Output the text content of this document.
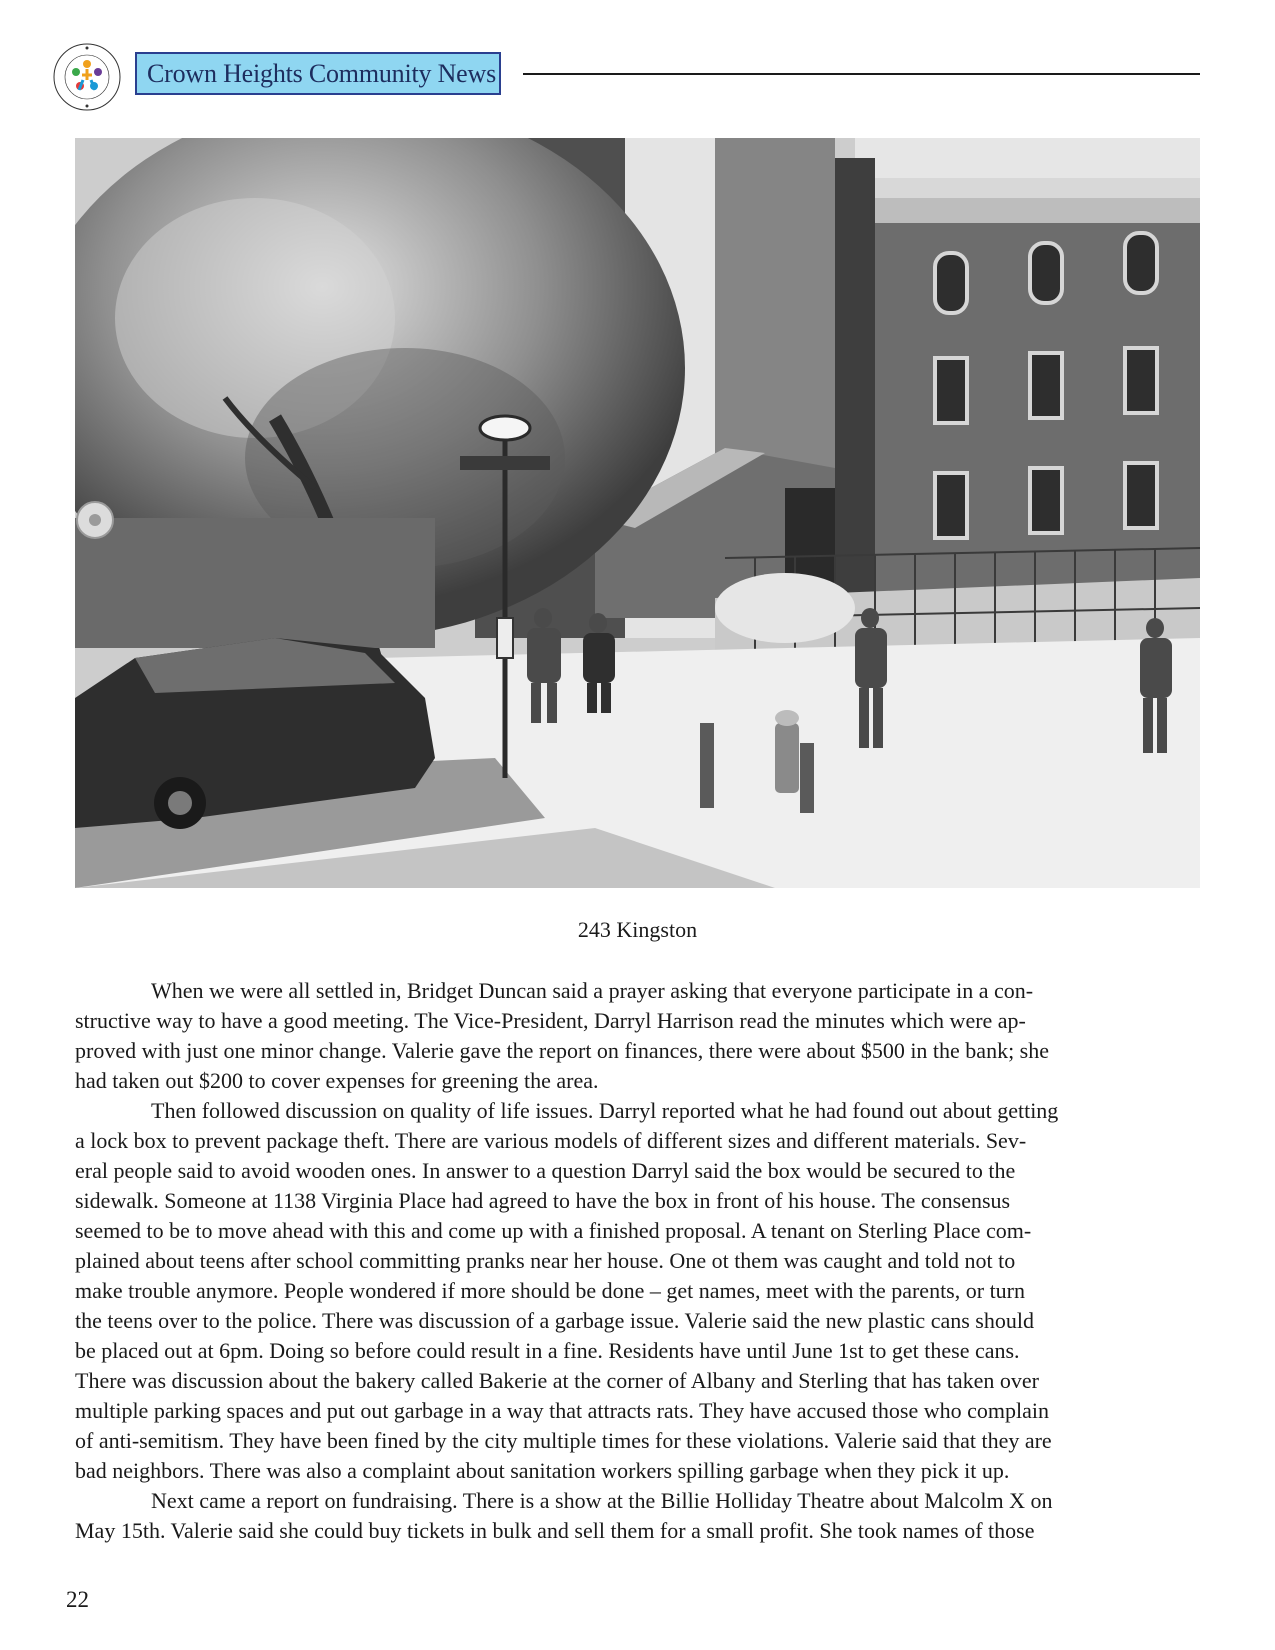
Crown Heights Community News
243 Kingston

When we were all settled in, Bridget Duncan said a prayer asking that everyone participate in a con-
structive way to have a good meeting. The Vice-President, Darryl Harrison read the minutes which were ap-
proved with just one minor change. Valerie gave the report on finances, there were about $500 in the bank; she
had taken out $200 to cover expenses for greening the area.

Then followed discussion on quality of life issues. Darryl reported what he had found out about getting
a lock box to prevent package theft. There are various models of different sizes and different materials. Sev-
eral people said to avoid wooden ones. In answer to a question Darryl said the box would be secured to the
sidewalk. Someone at 1138 Virginia Place had agreed to have the box in front of his house. The consensus
seemed to be to move ahead with this and come up with a finished proposal. A tenant on Sterling Place com-
plained about teens after school committing pranks near her house. One ot them was caught and told not to
make trouble anymore. People wondered if more should be done – get names, meet with the parents, or turn
the teens over to the police. There was discussion of a garbage issue. Valerie said the new plastic cans should
be placed out at 6pm. Doing so before could result in a fine. Residents have until June 1st to get these cans.
There was discussion about the bakery called Bakerie at the corner of Albany and Sterling that has taken over
multiple parking spaces and put out garbage in a way that attracts rats. They have accused those who complain
of anti-semitism. They have been fined by the city multiple times for these violations. Valerie said that they are
bad neighbors. There was also a complaint about sanitation workers spilling garbage when they pick it up.

Next came a report on fundraising. There is a show at the Billie Holliday Theatre about Malcolm X on
May 15th. Valerie said she could buy tickets in bulk and sell them for a small profit. She took names of those

22
